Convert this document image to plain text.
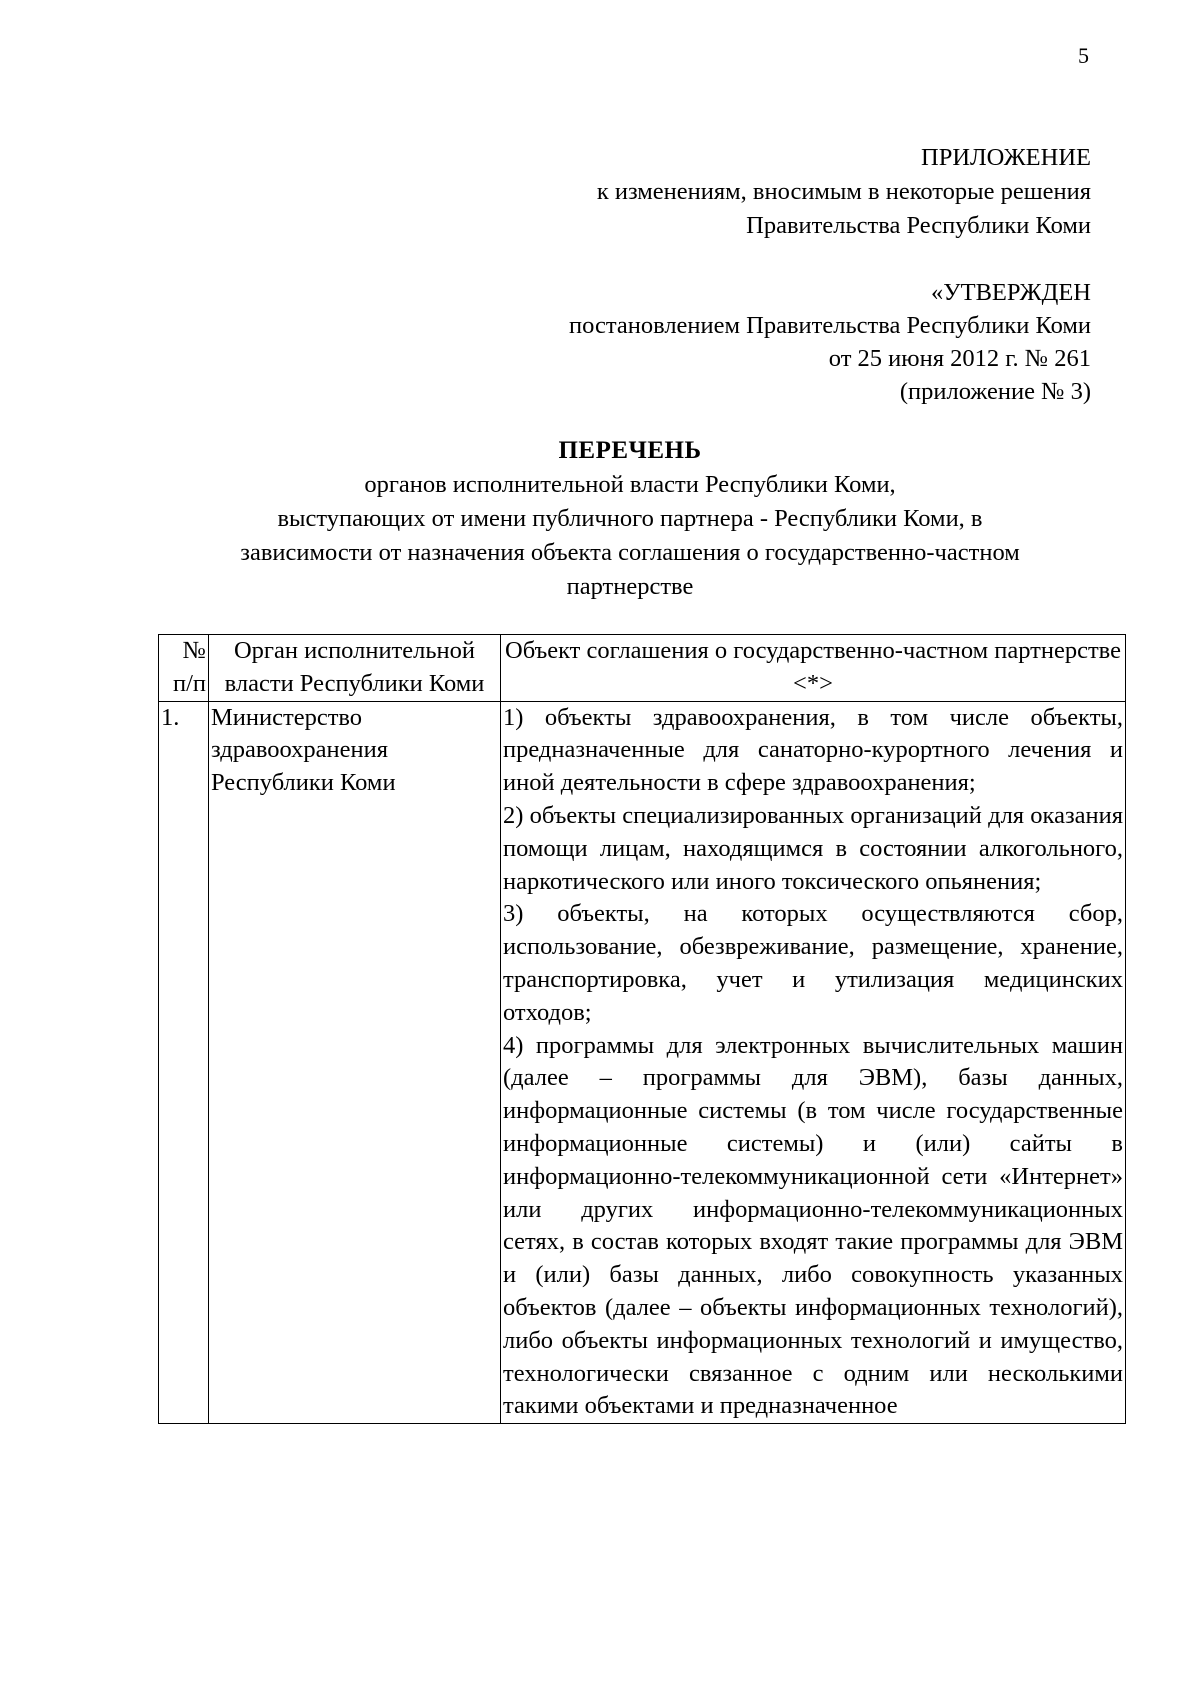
5
ПРИЛОЖЕНИЕ
к изменениям, вносимым в некоторые решения
Правительства Республики Коми
«УТВЕРЖДЕН
постановлением Правительства Республики Коми
от 25 июня 2012 г. № 261
(приложение № 3)
ПЕРЕЧЕНЬ
органов исполнительной власти Республики Коми,
выступающих от имени публичного партнера - Республики Коми, в
зависимости от назначения объекта соглашения о государственно-частном
партнерстве
№ п/п	Орган исполнительной власти Республики Коми	Объект соглашения о государственно-частном партнерстве <*>
1.	Министерство здравоохранения Республики Коми	1) объекты здравоохранения, в том числе объекты, предназначенные для санаторно-курортного лечения и иной деятельности в сфере здравоохранения;
2) объекты специализированных организаций для оказания помощи лицам, находящимся в состоянии алкогольного, наркотического или иного токсического опьянения;
3) объекты, на которых осуществляются сбор, использование, обезвреживание, размещение, хранение, транспортировка, учет и утилизация медицинских отходов;
4) программы для электронных вычислительных машин (далее – программы для ЭВМ), базы данных, информационные системы (в том числе государственные информационные системы) и (или) сайты в информационно-телекоммуникационной сети «Интернет» или других информационно-телекоммуникационных сетях, в состав которых входят такие программы для ЭВМ и (или) базы данных, либо совокупность указанных объектов (далее – объекты информационных технологий), либо объекты информационных технологий и имущество, технологически связанное с одним или несколькими такими объектами и предназначенное
